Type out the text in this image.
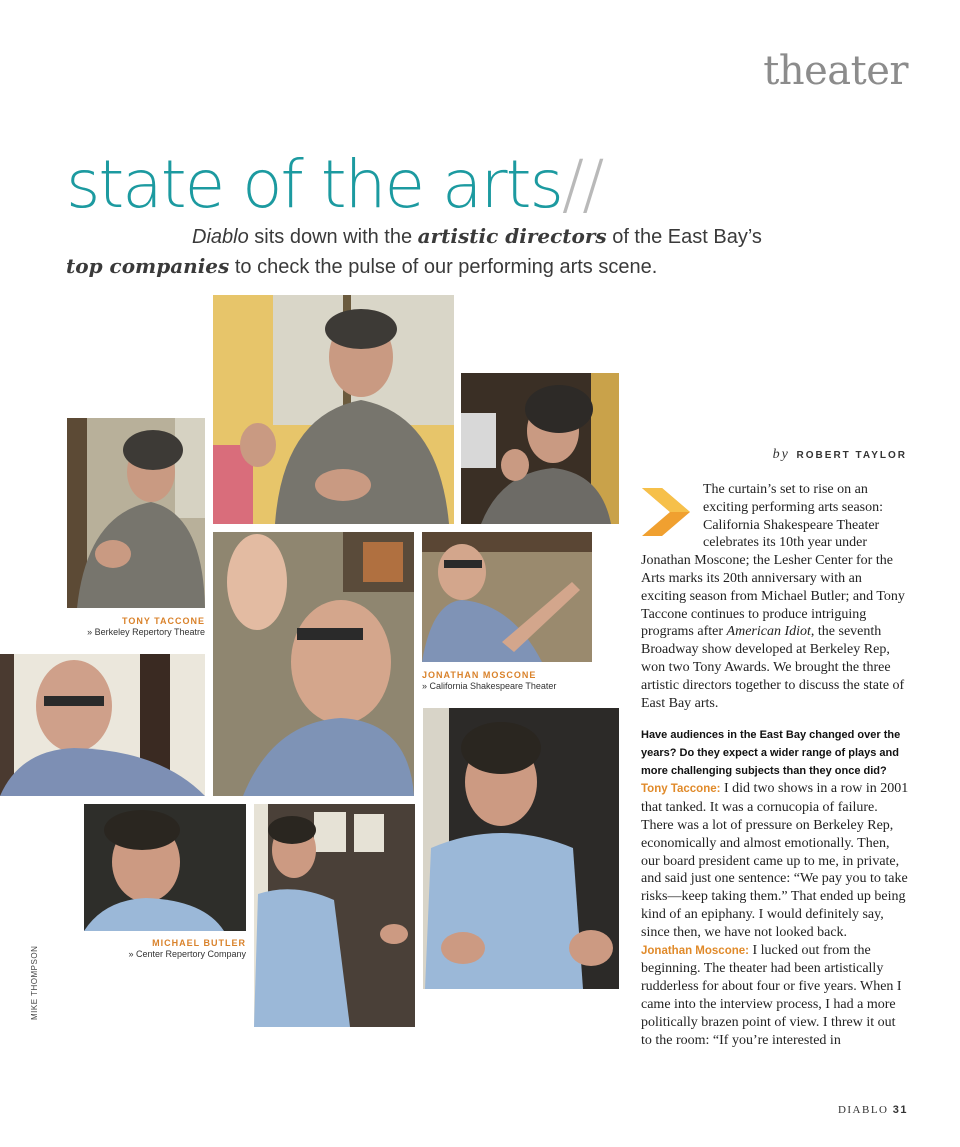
theater
state of the arts//
Diablo sits down with the artistic directors of the East Bay’s
top companies to check the pulse of our performing arts scene.
TONY TACCONE
» Berkeley Repertory Theatre
JONATHAN MOSCONE
» California Shakespeare Theater
MICHAEL BUTLER
» Center Repertory Company
MIKE THOMPSON
by ROBERT TAYLOR

The curtain’s set to rise on an exciting performing arts season: California Shakespeare Theater celebrates its 10th year under Jonathan Moscone; the Lesher Center for the Arts marks its 20th anniversary with an exciting season from Michael Butler; and Tony Taccone continues to produce intriguing programs after American Idiot, the seventh Broadway show developed at Berkeley Rep, won two Tony Awards. We brought the three artistic directors together to discuss the state of East Bay arts.

Have audiences in the East Bay changed over the years? Do they expect a wider range of plays and more challenging subjects than they once did?

Tony Taccone: I did two shows in a row in 2001 that tanked. It was a cornucopia of failure. There was a lot of pressure on Berkeley Rep, economically and almost emotionally. Then, our board president came up to me, in private, and said just one sentence: “We pay you to take risks—keep taking them.” That ended up being kind of an epiphany. I would definitely say, since then, we have not looked back.

Jonathan Moscone: I lucked out from the beginning. The theater had been artistically rudderless for about four or five years. When I came into the interview process, I had a more politically brazen point of view. I threw it out to the room: “If you’re interested in

DIABLO 31
